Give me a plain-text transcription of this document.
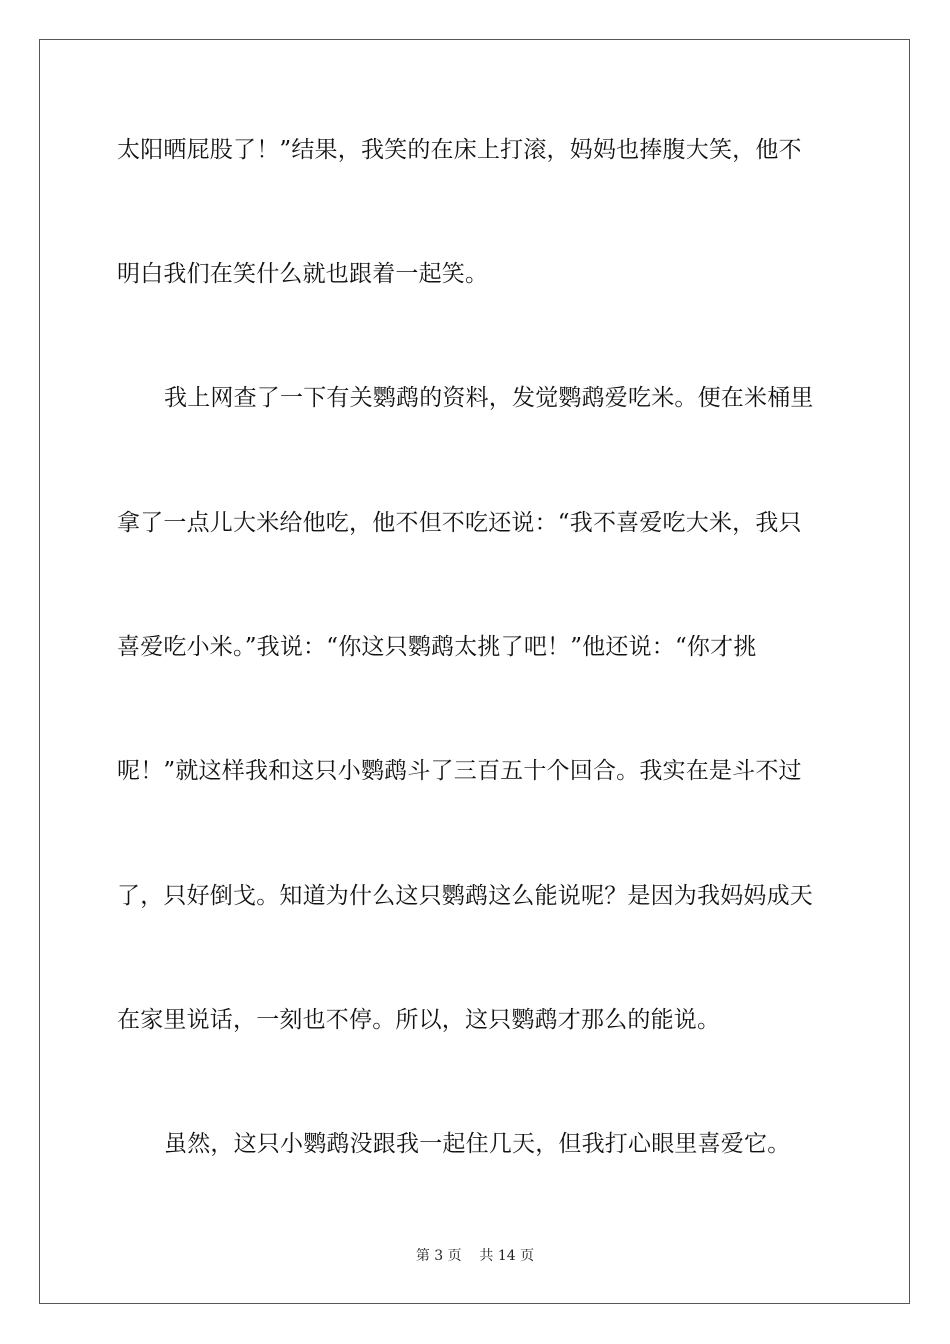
太阳晒屁股了！”结果，我笑的在床上打滚，妈妈也捧腹大笑，他不
明白我们在笑什么就也跟着一起笑。
我上网查了一下有关鹦鹉的资料，发觉鹦鹉爱吃米。便在米桶里
拿了一点儿大米给他吃，他不但不吃还说：“我不喜爱吃大米，我只
喜爱吃小米。”我说：“你这只鹦鹉太挑了吧！”他还说：“你才挑
呢！”就这样我和这只小鹦鹉斗了三百五十个回合。我实在是斗不过
了，只好倒戈。知道为什么这只鹦鹉这么能说呢？是因为我妈妈成天
在家里说话，一刻也不停。所以，这只鹦鹉才那么的能说。
虽然，这只小鹦鹉没跟我一起住几天，但我打心眼里喜爱它。
第 3 页    共 14 页
